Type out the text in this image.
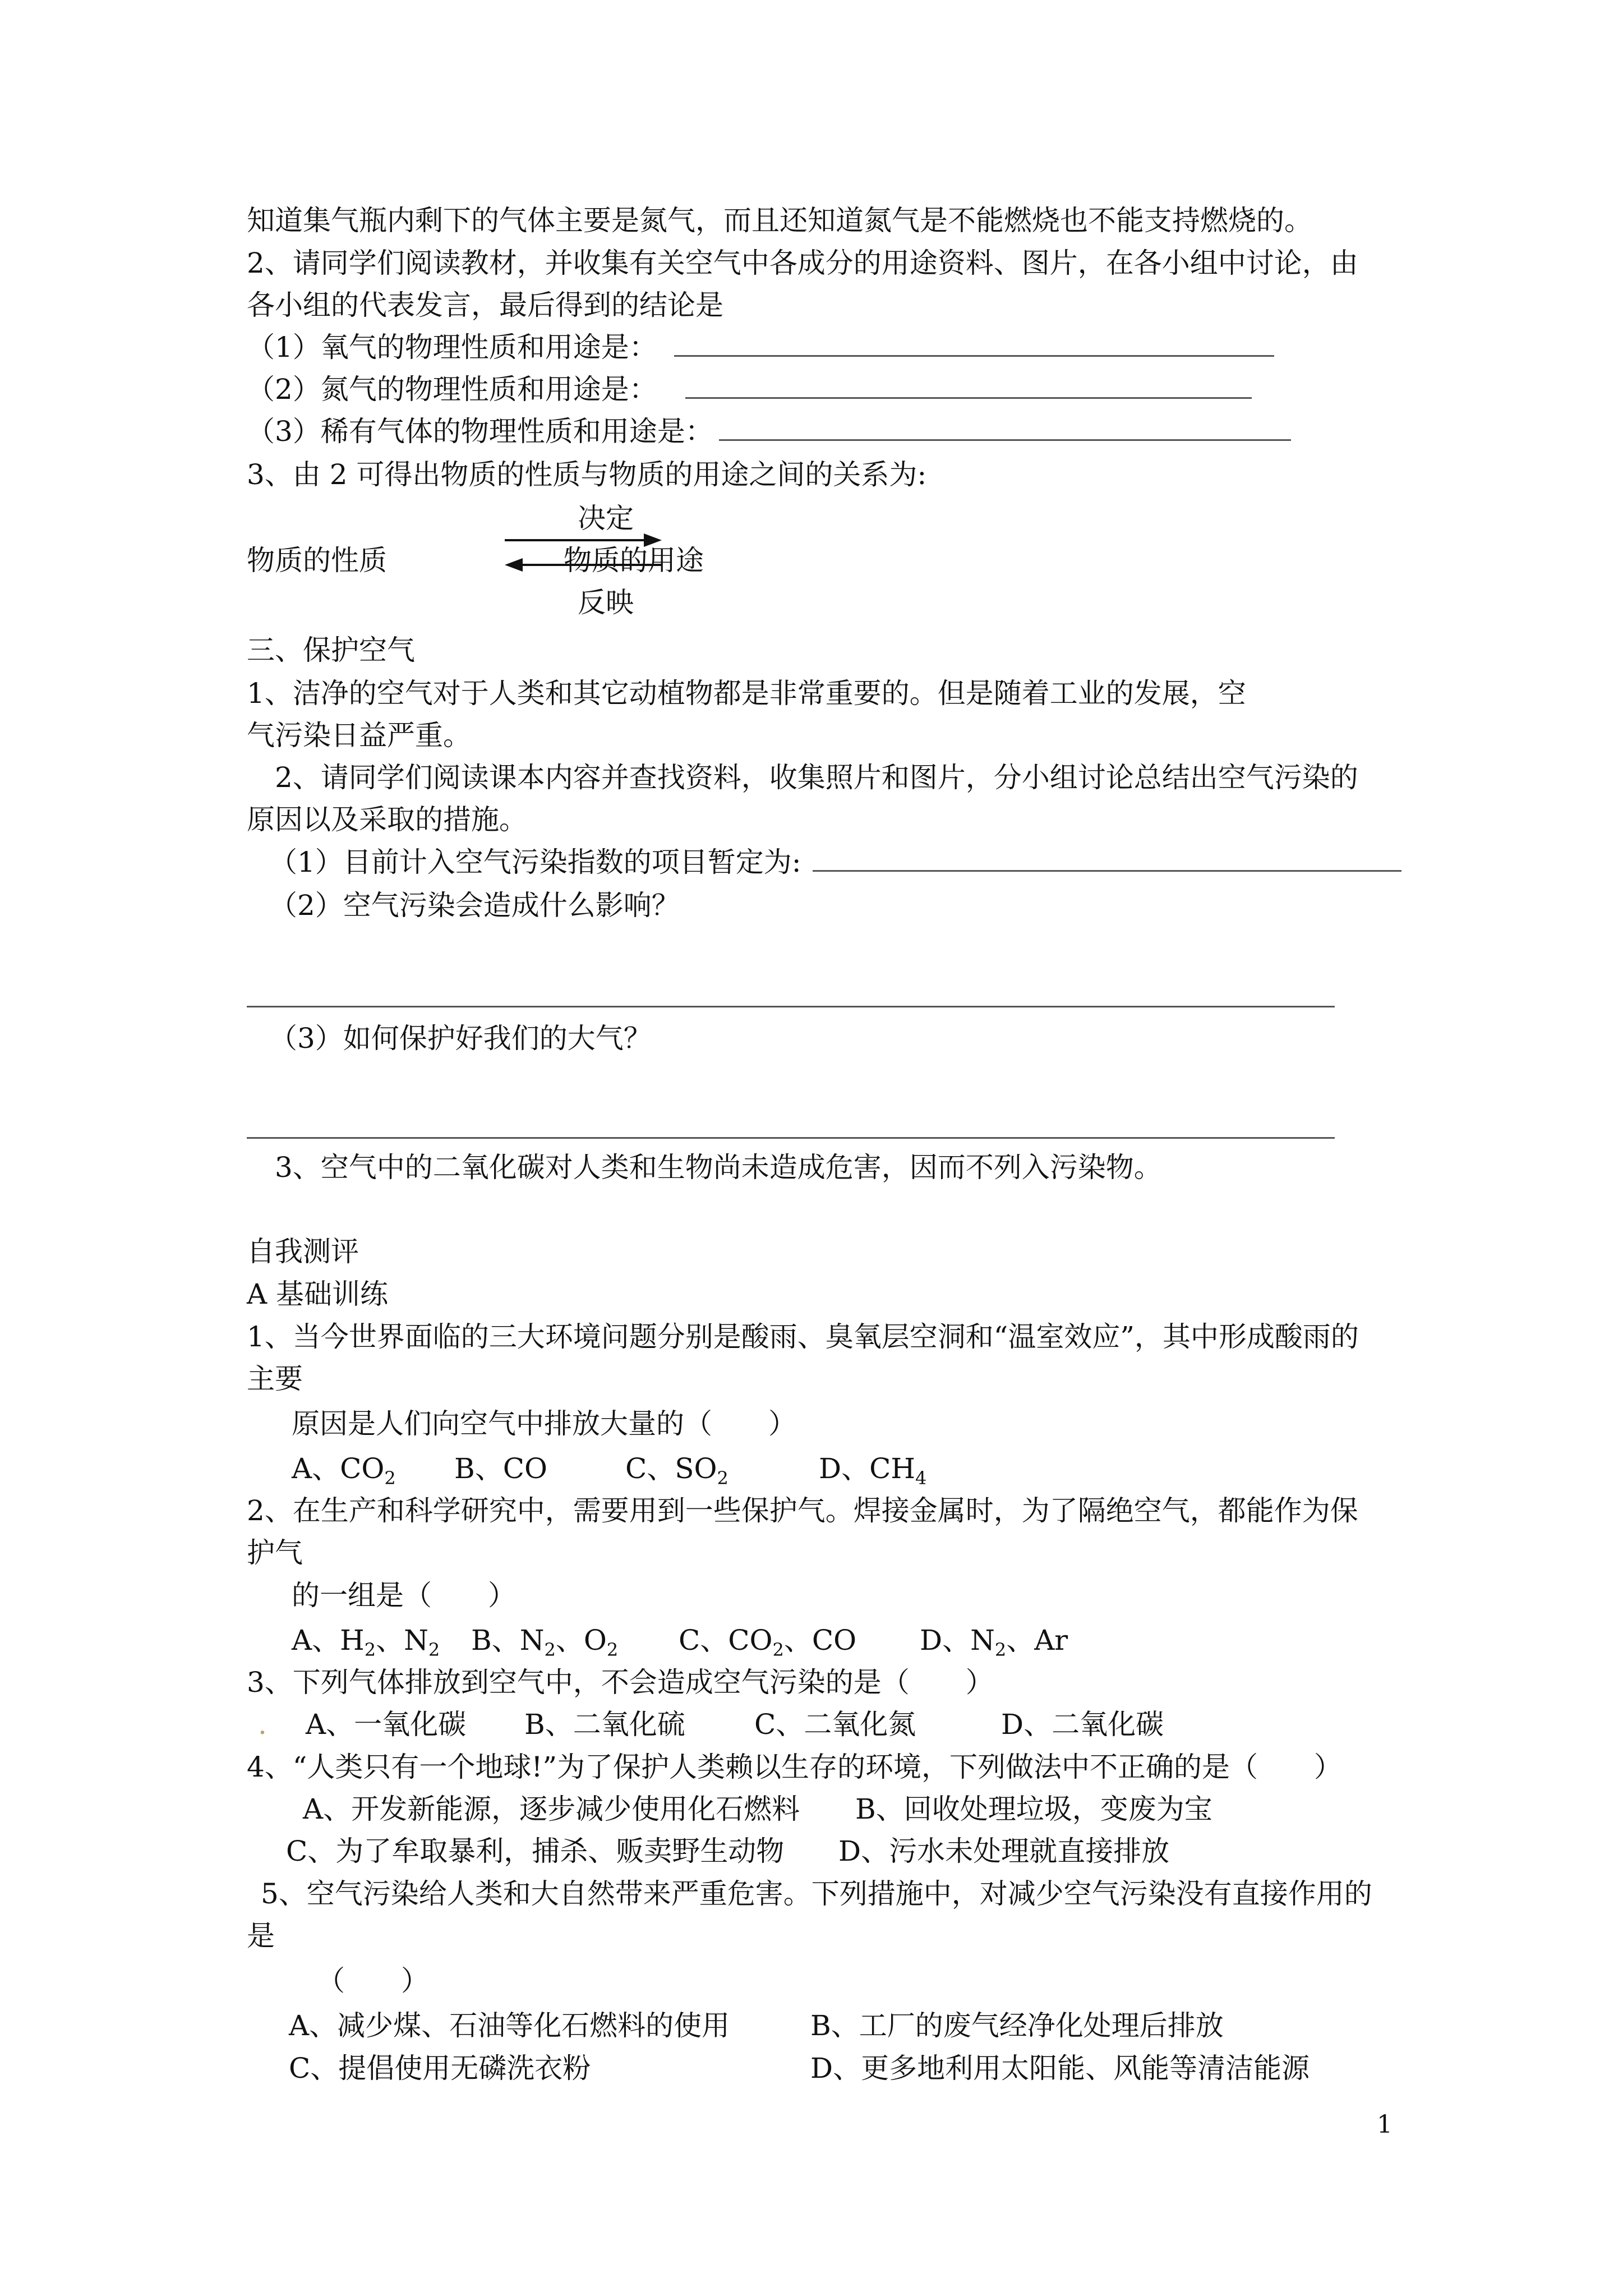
知道集气瓶内剩下的气体主要是氮气，而且还知道氮气是不能燃烧也不能支持燃烧的。
2、请同学们阅读教材，并收集有关空气中各成分的用途资料、图片，在各小组中讨论，由
各小组的代表发言，最后得到的结论是
（1）氧气的物理性质和用途是：
（2）氮气的物理性质和用途是：
（3）稀有气体的物理性质和用途是：
3、由 2 可得出物质的性质与物质的用途之间的关系为:
决定
物质的性质	物质的用途
反映
三、保护空气
1、洁净的空气对于人类和其它动植物都是非常重要的。但是随着工业的发展，空
气污染日益严重。
2、请同学们阅读课本内容并查找资料，收集照片和图片，分小组讨论总结出空气污染的
原因以及采取的措施。
（1）目前计入空气污染指数的项目暂定为:
（2）空气污染会造成什么影响？
（3）如何保护好我们的大气？
3、空气中的二氧化碳对人类和生物尚未造成危害，因而不列入污染物。
自我测评
A 基础训练
1、当今世界面临的三大环境问题分别是酸雨、臭氧层空洞和“温室效应”，其中形成酸雨的
主要
原因是人们向空气中排放大量的（　　）
A、$CO_2$ B、CO	C、$SO_2$	D、$CH_4$
2、在生产和科学研究中，需要用到一些保护气。焊接金属时，为了隔绝空气，都能作为保
护气
的一组是（　　）
A、$H_2$、$N_2$ B、$N_2$、$O_2$ C、$CO_2$、CO D、$N_2$、Ar
3、下列气体排放到空气中，不会造成空气污染的是（　　）
. A、一氧化碳 B、二氧化硫 C、二氧化氮	D、二氧化碳
4、“人类只有一个地球!”为了保护人类赖以生存的环境，下列做法中不正确的是（　　）
A、开发新能源，逐步减少使用化石燃料 B、回收处理垃圾，变废为宝
C、为了牟取暴利，捕杀、贩卖野生动物 D、污水未处理就直接排放
5、空气污染给人类和大自然带来严重危害。下列措施中，对减少空气污染没有直接作用的
是
（　　）
A、减少煤、石油等化石燃料的使用	B、工厂的废气经净化处理后排放
C、提倡使用无磷洗衣粉	D、更多地利用太阳能、风能等清洁能源
1
